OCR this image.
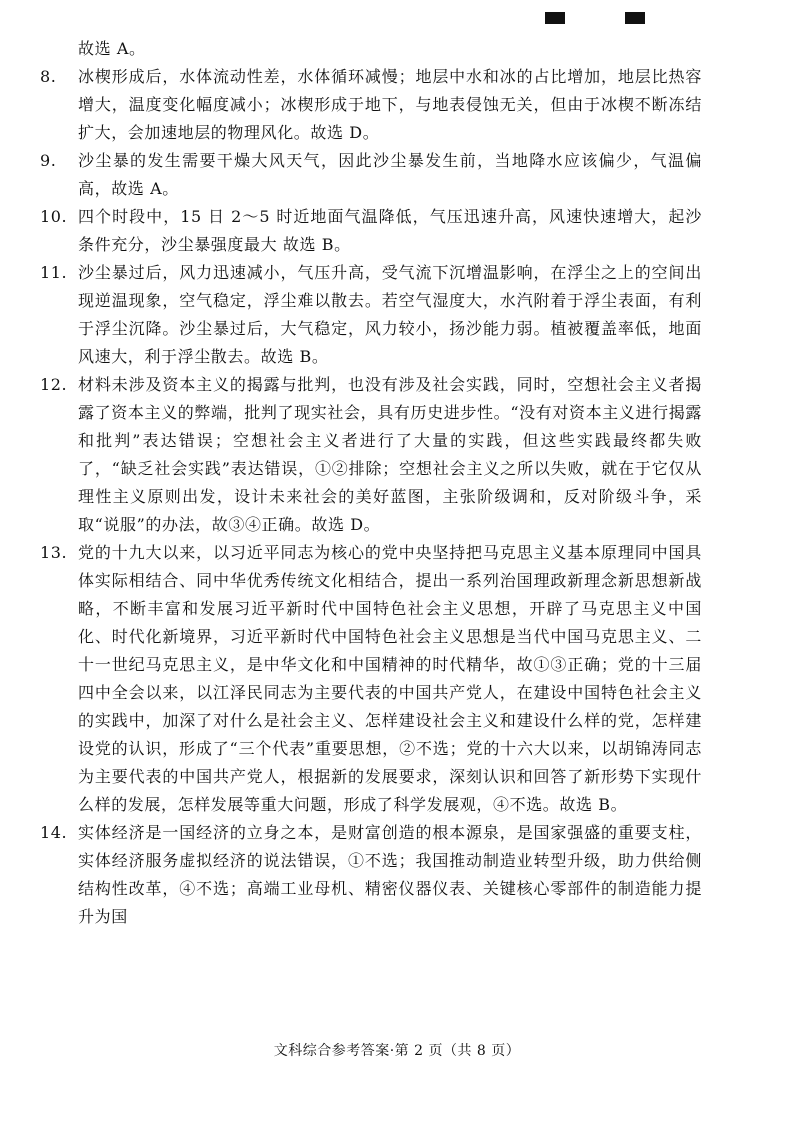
故选 A。
8.	冰楔形成后，水体流动性差，水体循环减慢；地层中水和冰的占比增加，地层比热容增大，温度变化幅度减小；冰楔形成于地下，与地表侵蚀无关，但由于冰楔不断冻结扩大，会加速地层的物理风化。故选 D。
9.	沙尘暴的发生需要干燥大风天气，因此沙尘暴发生前，当地降水应该偏少，气温偏高，故选 A。
10. 四个时段中，15 日 2～5 时近地面气温降低，气压迅速升高，风速快速增大，起沙条件充分，沙尘暴强度最大 故选 B。
11. 沙尘暴过后，风力迅速减小，气压升高，受气流下沉增温影响，在浮尘之上的空间出现逆温现象，空气稳定，浮尘难以散去。若空气湿度大，水汽附着于浮尘表面，有利于浮尘沉降。沙尘暴过后，大气稳定，风力较小，扬沙能力弱。植被覆盖率低，地面风速大，利于浮尘散去。故选 B。
12. 材料未涉及资本主义的揭露与批判，也没有涉及社会实践，同时，空想社会主义者揭露了资本主义的弊端，批判了现实社会，具有历史进步性。“没有对资本主义进行揭露和批判”表达错误；空想社会主义者进行了大量的实践，但这些实践最终都失败了，“缺乏社会实践”表达错误，①②排除；空想社会主义之所以失败，就在于它仅从理性主义原则出发，设计未来社会的美好蓝图，主张阶级调和，反对阶级斗争，采取“说服”的办法，故③④正确。故选 D。
13. 党的十九大以来，以习近平同志为核心的党中央坚持把马克思主义基本原理同中国具体实际相结合、同中华优秀传统文化相结合，提出一系列治国理政新理念新思想新战略，不断丰富和发展习近平新时代中国特色社会主义思想，开辟了马克思主义中国化、时代化新境界，习近平新时代中国特色社会主义思想是当代中国马克思主义、二十一世纪马克思主义，是中华文化和中国精神的时代精华，故①③正确；党的十三届四中全会以来，以江泽民同志为主要代表的中国共产党人，在建设中国特色社会主义的实践中，加深了对什么是社会主义、怎样建设社会主义和建设什么样的党，怎样建设党的认识，形成了“三个代表”重要思想，②不选；党的十六大以来，以胡锦涛同志为主要代表的中国共产党人，根据新的发展要求，深刻认识和回答了新形势下实现什么样的发展，怎样发展等重大问题，形成了科学发展观，④不选。故选 B。
14. 实体经济是一国经济的立身之本，是财富创造的根本源泉，是国家强盛的重要支柱，实体经济服务虚拟经济的说法错误，①不选；我国推动制造业转型升级，助力供给侧结构性改革，④不选；高端工业母机、精密仪器仪表、关键核心零部件的制造能力提升为国
文科综合参考答案·第 2 页（共 8 页）
